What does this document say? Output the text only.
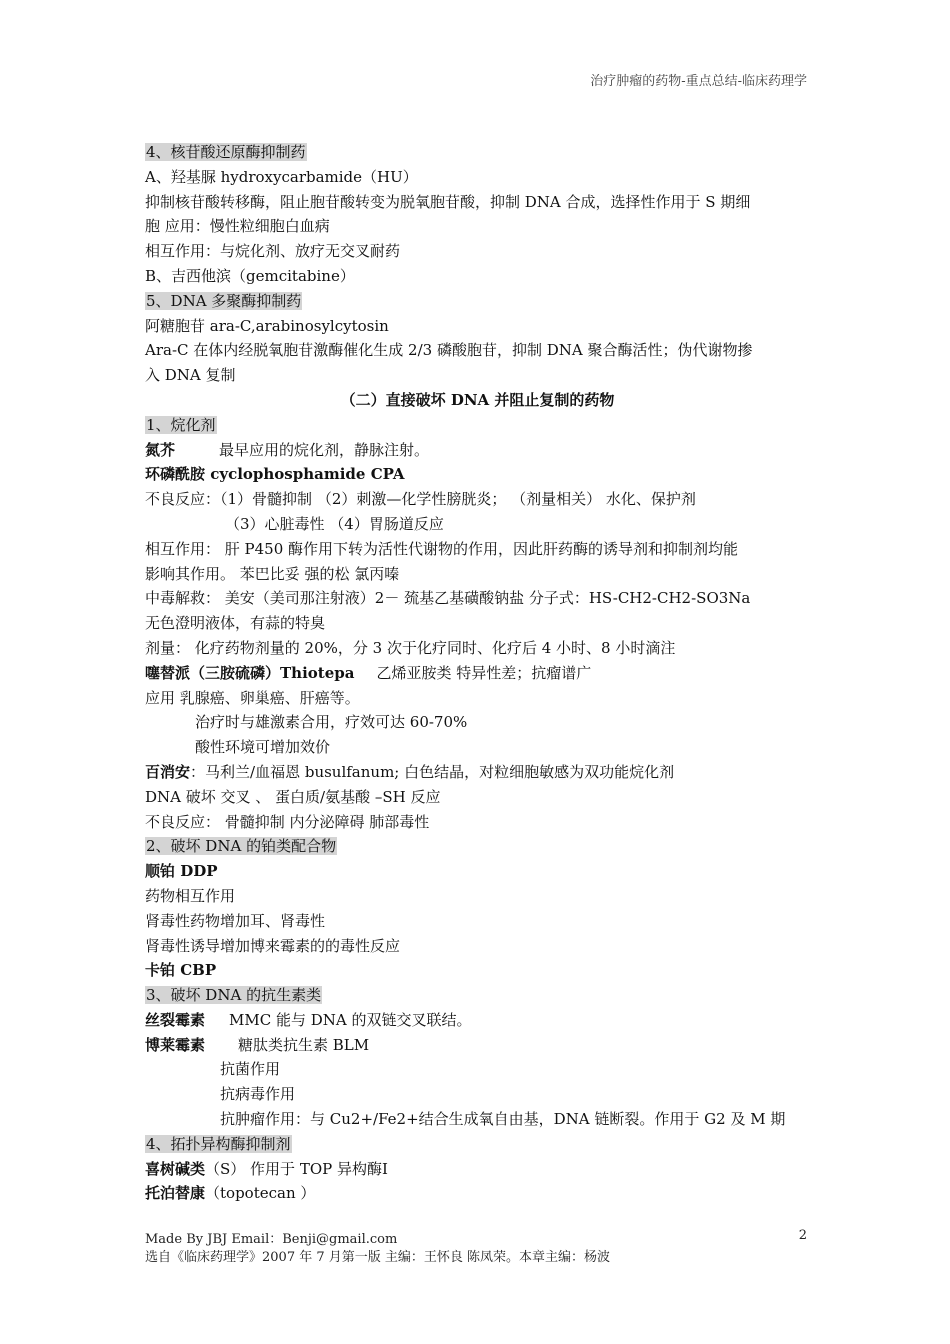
治疗肿瘤的药物-重点总结-临床药理学
4、核苷酸还原酶抑制药
A、羟基脲 hydroxycarbamide（HU）
抑制核苷酸转移酶，阻止胞苷酸转变为脱氧胞苷酸，抑制 DNA 合成，选择性作用于 S 期细
胞 应用：慢性粒细胞白血病
相互作用：与烷化剂、放疗无交叉耐药
B、吉西他滨（gemcitabine）
5、DNA 多聚酶抑制药
阿糖胞苷 ara-C,arabinosylcytosin
Ara-C 在体内经脱氧胞苷激酶催化生成 2/3 磷酸胞苷，抑制 DNA 聚合酶活性；伪代谢物掺
入 DNA 复制
（二）直接破坏 DNA 并阻止复制的药物
1、烷化剂
氮芥	最早应用的烷化剂，静脉注射。
环磷酰胺 cyclophosphamide CPA
不良反应：（1）骨髓抑制 （2）刺激—化学性膀胱炎； （剂量相关） 水化、保护剂
（3）心脏毒性 （4）胃肠道反应
相互作用： 肝 P450 酶作用下转为活性代谢物的作用，因此肝药酶的诱导剂和抑制剂均能
影响其作用。 苯巴比妥 强的松 氯丙嗪
中毒解救： 美安（美司那注射液）2－ 巯基乙基磺酸钠盐 分子式：HS-CH2-CH2-SO3Na
无色澄明液体，有蒜的特臭
剂量： 化疗药物剂量的 20%，分 3 次于化疗同时、化疗后 4 小时、8 小时滴注
噻替派（三胺硫磷）Thiotepa 乙烯亚胺类 特异性差；抗瘤谱广
应用 乳腺癌、卵巢癌、肝癌等。
治疗时与雄激素合用，疗效可达 60-70%
酸性环境可增加效价
百消安：马利兰/血福恩 busulfanum; 白色结晶，对粒细胞敏感为双功能烷化剂
DNA 破坏 交叉 、 蛋白质/氨基酸 –SH 反应
不良反应： 骨髓抑制 内分泌障碍 肺部毒性
2、破坏 DNA 的铂类配合物
顺铂 DDP
药物相互作用
肾毒性药物增加耳、肾毒性
肾毒性诱导增加博来霉素的的毒性反应
卡铂 CBP
3、破坏 DNA 的抗生素类
丝裂霉素 MMC 能与 DNA 的双链交叉联结。
博莱霉素 糖肽类抗生素 BLM
抗菌作用
抗病毒作用
抗肿瘤作用：与 Cu2+/Fe2+结合生成氧自由基，DNA 链断裂。作用于 G2 及 M 期
4、拓扑异构酶抑制剂
喜树碱类（S） 作用于 TOP 异构酶Ⅰ
托泊替康（topotecan ）
Made By JBJ Email：Benji@gmail.com	2
选自《临床药理学》2007 年 7 月第一版 主编：王怀良 陈凤荣。本章主编：杨波
